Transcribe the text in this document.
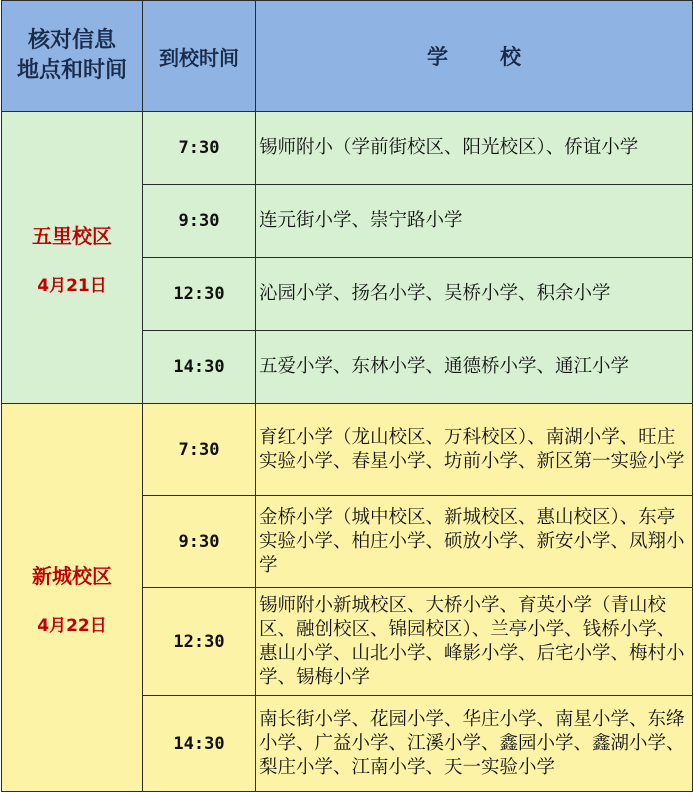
核对信息
地点和时间	到校时间	学校

五里校区
4月21日	7:30	锡师附小（学前街校区、阳光校区）、侨谊小学
	9:30	连元街小学、崇宁路小学
	12:30	沁园小学、扬名小学、吴桥小学、积余小学
	14:30	五爱小学、东林小学、通德桥小学、通江小学

新城校区
4月22日	7:30	育红小学（龙山校区、万科校区）、南湖小学、旺庄实验小学、春星小学、坊前小学、新区第一实验小学
	9:30	金桥小学（城中校区、新城校区、惠山校区）、东亭实验小学、柏庄小学、硕放小学、新安小学、凤翔小学
	12:30	锡师附小新城校区、大桥小学、育英小学（青山校区、融创校区、锦园校区）、兰亭小学、钱桥小学、惠山小学、山北小学、峰影小学、后宅小学、梅村小学、锡梅小学
	14:30	南长街小学、花园小学、华庄小学、南星小学、东绛小学、广益小学、江溪小学、鑫园小学、鑫湖小学、梨庄小学、江南小学、天一实验小学
